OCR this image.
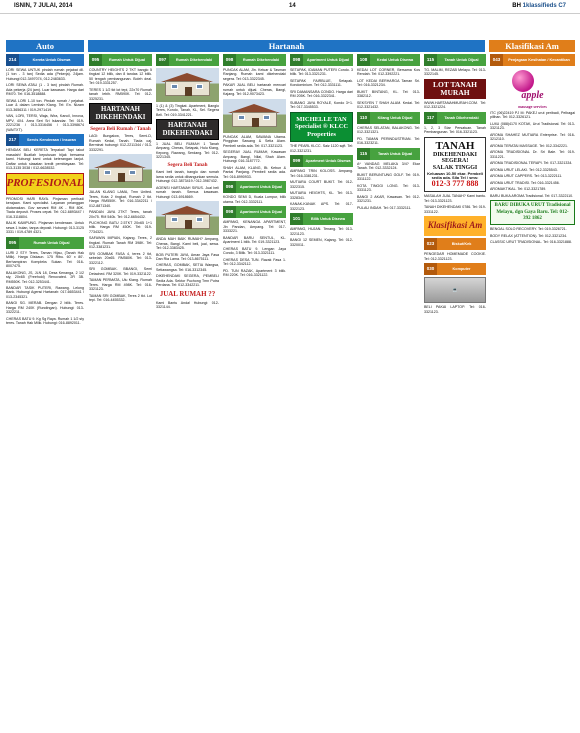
ISNIN, 7 JULAI, 2014	14	BH 1klassifieds C7
Auto	Hartanah	Klasifikasi Am
214	Kereta Untuk Disewa

LORI SEWA UNTUK pindah rumah pejabat dll. (1 ton - 3 tan) Sedia ada (Pekerja). 24jam. Hubungi 012-3497074, 012-2483633.

LORI SEWA ATAU (1 - 3 tan) pindah Rumah. Ada pekerja (24 jam). Luar kawasan. Harga dari RM70. Tel: 016-3518888.

SEWA LORI 1-10 ton. Pindah rumah / pejabat. Luar & dalam Lembah Klang. Tel: En. Nizam 013-3656311 / 019-2971419.

VAN, LORI, TERSI, Waja, Wira, Kancil, Innova, MPV, 4X4. Area Seri Sri Iskandar. Tel: 019-2221236 / 013-3316456 / 013-3398674 (WA/TXT).

217	Servis Kenderaan / Insuran

HENDAK BELI KERETA Terpakai! Tapi takut masalah! Buatlah keputusan bijak bersama kami. Hubungi kami untuk keterangan lanjut. Daftar untuk siasatan kredit pembiayaan. Tel: 013-3135 3038 / 012-6628532.

PROFESIONAL

PROMOSI HARI RAYA. Pinjaman peribadi kerajaan. Kami specialist. Layanan pelanggan diutamakan. Gov servant RM 4K - RM 80K. Tiada deposit. Proses cepat. Tel: 012-6893447 / 016-3118804.

BALIK KAMPUNG. Pinjaman kenderaan. Untuk sewa 1 bulan, tanpa deposit. Hubungi: 013-3125 3331 / 019-4789 4321.

095	Rumah Untuk Dijual

LURI 2 STY Teres, Taman Hijau, (Tanah Hak Milik). Harga Diskaun. 175 Ribu. 60' x 80'. Berhampiran Kompleks Sukan. Tel: 016-8007475.

BALAKONG, JS, JLN 18, Desa Kenanga, 2 1/2 sty, 20x65 (Freehold) Renovated. 2R 3B. RM550K. Tel: 012-3253441.

BANDAR TASIK PUTERI, Rawang. Lelong Bank. Hubungi Agensi Hartanah: 017-6653441 / 013-2345321.

BANGI SG. MERAB. Dengan 2 bilik. Teres. Harga RM 240K (Rundingan). Hubungi: 013-3322211.

CHERAS BATU 9. Kg Sg Raya. Rumah 1 1/2 sty teres. Tanah Hak Milik. Hubungi: 016-8892011.

095	Rumah Untuk Dijual

COUNTRY HEIGHTS 2 TKT banglo 5 tingkat 12 bilik, dan 8 tandas 12 bilik. 50 tengah pembangunan. Boleh deal. Tel: 019-3331257.

TERES 1 1/2 tkt lot tepi, 22x70 Rumah tanah lebih. RM590K. Tel: 012-3325231.

HARTANAH DIKEHENDAKI
Segera Beli Rumah / Tanah

LAGI: Bungalow, Teres, Semi-D, Rumah Kedai, Tanah. Tiada caj. Berminat hubungi: 012-2211344 / 013-3332291.

JALAN KLANG LAMA, Tmn United. Teres, Kota 2 tingkat, Rumah 2 tkt. Harga RM550K. Tel: 016-3342211 / 012-8871340.

PANDAN JAYA 2TKT Teres, tanah 20x75. RM 540k. Tel: 012-6654432.

PUCHONG BATU 2.5TKT 20x65 1+1 bilik. Harga RM 450K. Tel: 019-7734321.

SAFAWIN IMPIAN, Kajang. Teres, 2 tingkat. Rumah Tanah RM 398K. Tel: 012-3381231.

SRI GOMBAK FASA 4, teres 2 tkt, sebelah 20x65. RM580K. Tel: 013-3322112.

SRI GOMBAK. BBANGI, Semi Detached. RM 320K. Tel: 019-3321122.

TAMAN PERMATA, Ulu Klang. Rumah Teres. Harga RM 498K. Tel: 016-3321123.

TAMAN SRI GOMBAK, Teres 2 tkt. Lot tepi. Tel: 016-4455332.

097	Rumah Dikehendaki

1 (1) & (3) Tingkat. Apartment, Banglo Teres, Kondo, Tanah, KL, Sel. Segera Beli. Tel: 019-3341221.

HARTANAH DIKEHENDAKI

1 JUAL BELI RUMAH 1 Tanah Ampang, Cheras, Setapak, Hulu Klang, Kepong, Rawang, Serdang. Tel: 012-3221345.

Segera Beli Tanah

Kami beli tanah, banglo dan rumah lama sedia untuk dibangunkan semula. Hubungi: 012-3873419 / 012-3987432.

AGENSI HARTANAH SIRUS. Jual beli rumah tanah. Semua kawasan. Hubungi: 013-6918669.

ANDA MAH BAIK RUMAH? Ampang, Cheras, Bangi. Kami beli, jual, sewa. Tel: 012-3383425.

BOB PUTERI JAYA, Aman Jaya Fasa Dan Ria Lama. Tel: 013-8675111.

CHERAS, GOMBAK, SETIA Wangsa, Setiawangsa. Tel: 016-3312345.

DIKEHENDAKI SEGERA, PEMBELI Sedia Ada. Sektor Puchong Tmn Putra Perdana. Tel: 012-3342211.

JUAL RUMAH ??

Kami Bantu Anda! Hubungi: 012-3321144.

098	Rumah Dikehendaki

PUNCAK ALAM, Jln. Keluar & Tasman Ranjang. Rumah kami dikehendaki segera. Tel: 013-3322345.

PAKAR JUAL BELI hartanah mencari rumah untuk dijual. Cheras, Bangi, Kajang. Tel: 012-9073423.

PUNCAK ALAM, SAWANA Utama. Pinggiran Sawang & Setia Alam. Pembeli sedia ada. Tel: 017-3321123.

SEGERA!! JUAL RUMAH, Kawasan Ampang. Bangi, Nilai, Shah Alam. Hubungi: 016-3187772.

SHAH ALAM, KLANG, Bt. Kebun & Pantai Panjang. Pembeli sedia ada. Tel: 016-8990933.

098	Apartment Untuk Dijual

KONDO SEMI D, Kuala Lumpur, bilik utama. Tel: 012-3332111.

098	Apartment Untuk Dijual

AMPANG, KENANGA APARTMENT, Jln Pandan, Ampang. Tel: 017-3333221.

BANDAR BARU SENTUL, KL. Apartment 1 bilik. Tel: 019-3321123.

CHERAS BATU 9. Lengan Jaya Condo, 3 Bilik. Tel: 013-3321111.

CHERAS DESA TUN. Razak Fasa 1. Tel: 012-3342112.

PD. TUN RAZAK, Apartment 3 bilik. RM 220K. Tel: 016-3321122.

098	Apartment Untuk Dijual

SETAPAK, IDAMAN PUTERI Condo. 3 bilik. Tel: 013-3321231.

SETAPAK FAIRBLUE, Setapak. Kondominium. Tel: 012-3331111.

SRI DAMANSARA CONDO. Harga dari RM 205K. Tel: 016-3322341.

SUBANG JAYA ROYALE, Kondo 3+1. Tel: 017-3345533.

MICHELLE TAN Specialist ® KLCC Properties

THE PEARL KLCC. Saiz 1120 sqft. Tel: 012-3321231.

099	Apartment Untuk Disewa

AMPANG TRIN KOLOSS. Ampang. Tel: 016-3381231.

MUTIARA COURT BUKIT. Tel: 012-3322315.

MUTIARA HEIGHTS, KL. Tel: 013-3328341.

KANAK-KANAK APS. Tel: 017-3322123.

101	Bilik Untuk Disewa

AMPANG, HUJAN. Tenang. Tel: 013-3221123.

BANGI 12 SEMEN, Kajang. Tel: 012-3320011.

108	Kedai Untuk Disewa

KEDAI LOT CORNER, Bersama Kos Rendah. Tel: 012-3392221.

LOT KEDAI BERHARGA Taman Sri. Tel: 016-3321234.

BUKIT BINTANG, KL. Tel: 013-3382112.

SEKSYEN 7 SHAH ALAM. Kedai. Tel: 012-3321432.

110	Kilang Untuk Dijual

CHERAS SELATAN, BALAKONG. Tel: 012-3321321.

PD. TAMAN PERINDUSTRIAN. Tel: 016-3323211.

115	Tanah Untuk Dijual

A* VANDAG MELAKA 3/4? Ekar Tanah. Tel: 012-3332124.

BUKIT BERUNTUNG GOLF. Tel: 019-3311122.

KOTA TINGGI LONG. Tel: 013-3331123.

BANGI 2 AKAR, Kawasan. Tel: 012-3321231.

PULAU INDAH. Tel: 017-3332111.

115	Tanah Untuk Dijual

TG. MALIM, REZAB Melayu. Tel: 013-3322145.

LOT TANAH MURAH

WWW.HARTANAHMURAH.COM. Tel: 012-3321224.

117	Tanah Dikehendaki

1, 2, 3 Star Persatuan. Tanah Pembangunan. Tel: 016-3321123.

TANAH
DIKEHENDAKI
SEGERA!
SALAK TINGGI
Keluasan 10-50 ekar. Pembeli sedia ada. Sila Tel / sms:
012-3 777 888

MASALAH JUAL TANAH? Kami bantu. Tel: 013-3321123.

TANAH DIKEHENDAKI 0786. Tel: 019-3331122.

Klasifikasi Am
023	Biskut/Kek

PENGEDAR HOMEMADE COOKIE. Tel: 012-3321123.

030	Komputer
💻

BELI PAKAI LAPTOP. Tel: 016-3321123.

043	Penjagaan Kesihatan / Kecantikan
apple
massage services

ITC (06)22419 PJ M: PAKEJ urut peribadi, Pelbagai pilihan. Tel: 012-3326121.

LU4U (088)4170 KOTAK, Urut Tradisional. Tel: 013-3321123.

AROMA SHAHEZ MUTIARA Enterprise. Tel: 016-3212110.

AROMA TERATAI MASSAGE. Tel: 012-3342221.

AROMA TRADISIONAL Dr. Sri Bale. Tel: 019-3311221.

AROMA TRADISIONAL TERAPI. Tel: 017-3321334.

AROMA URUT LELAKI. Tel: 012-3325543.

AROMA URUT CAPPERS. Tel: 013-3222111.

AROMA URUT TRADISI. Tel: 016-3321456.

AROMAKTIKAL. Tel: 012-3321789.

BARU BUKA AROMA Tradisional. Tel: 017-3322110.

BARU DIBUKA URUT Tradisional Melayu, dgn Gaya Baru. Tel: 012-392 1862

BENGAL SOLO RECOVERY. Tel: 019-3326721.

BODY RELAX (ATTENTION). Tel: 012-3321234.

CLASSIC URUT TRADISIONAL. Tel: 016-3321888.
